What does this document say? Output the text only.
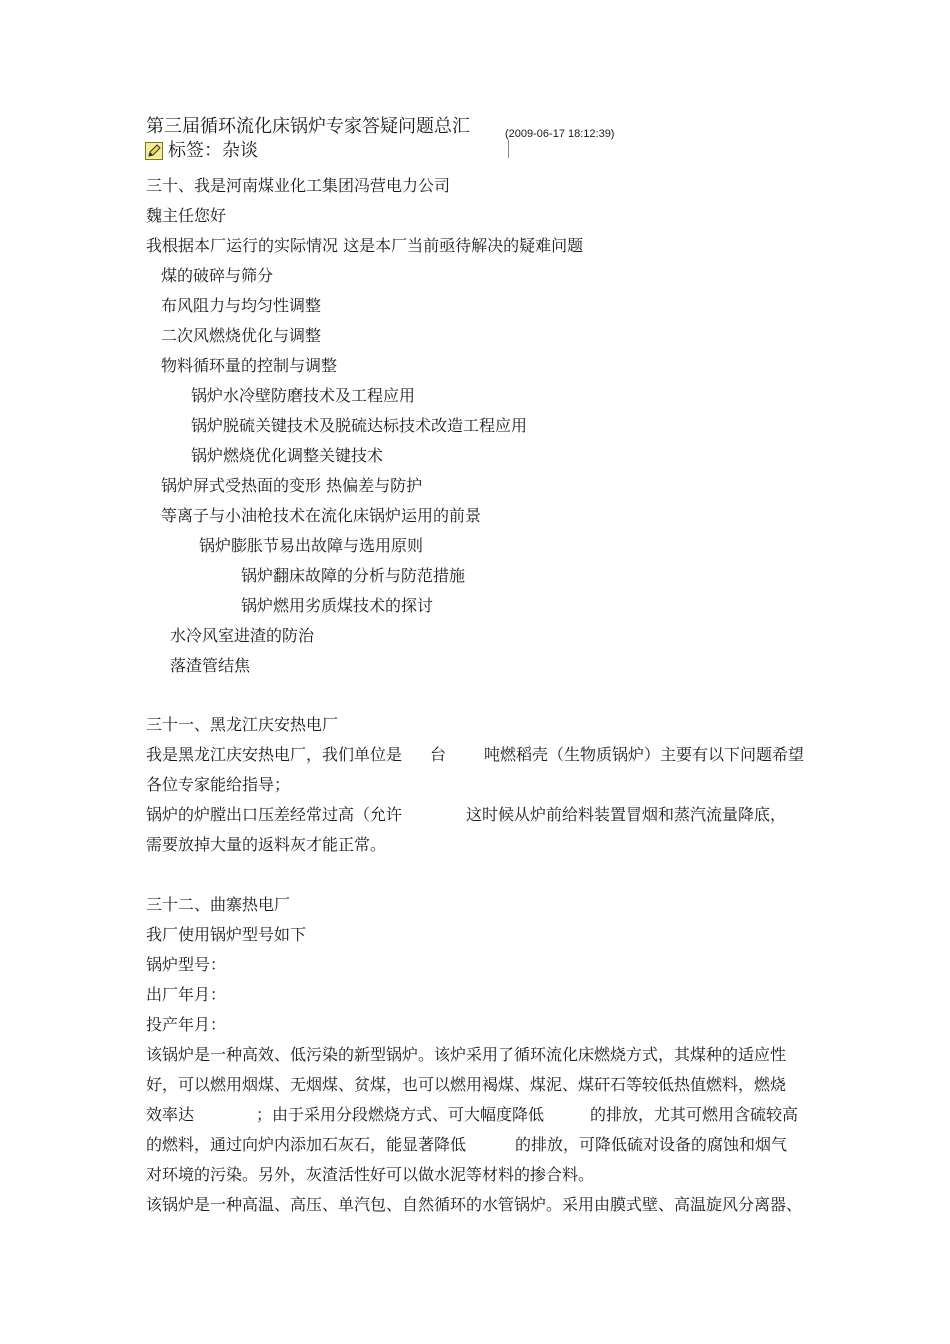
第三届循环流化床锅炉专家答疑问题总汇	(2009-06-17 18:12:39)
标签：杂谈
三十、我是河南煤业化工集团冯营电力公司
魏主任您好
我根据本厂运行的实际情况 这是本厂当前亟待解决的疑难问题
煤的破碎与筛分
布风阻力与均匀性调整
二次风燃烧优化与调整
物料循环量的控制与调整
锅炉水冷壁防磨技术及工程应用
锅炉脱硫关键技术及脱硫达标技术改造工程应用
锅炉燃烧优化调整关键技术
锅炉屏式受热面的变形 热偏差与防护
等离子与小油枪技术在流化床锅炉运用的前景
锅炉膨胀节易出故障与选用原则
锅炉翻床故障的分析与防范措施
锅炉燃用劣质煤技术的探讨
水冷风室进渣的防治
落渣管结焦
三十一、黑龙江庆安热电厂
我是黑龙江庆安热电厂，我们单位是 台 吨燃稻壳（生物质锅炉）主要有以下问题希望
各位专家能给指导；
锅炉的炉膛出口压差经常过高（允许	这时候从炉前给料装置冒烟和蒸汽流量降底，
需要放掉大量的返料灰才能正常。
三十二、曲寨热电厂
我厂使用锅炉型号如下
锅炉型号：
出厂年月：
投产年月：
该锅炉是一种高效、低污染的新型锅炉。该炉采用了循环流化床燃烧方式，其煤种的适应性
好，可以燃用烟煤、无烟煤、贫煤，也可以燃用褐煤、煤泥、煤矸石等较低热值燃料，燃烧
效率达	；由于采用分段燃烧方式、可大幅度降低	的排放，尤其可燃用含硫较高
的燃料，通过向炉内添加石灰石，能显著降低	的排放，可降低硫对设备的腐蚀和烟气
对环境的污染。另外，灰渣活性好可以做水泥等材料的掺合料。
该锅炉是一种高温、高压、单汽包、自然循环的水管锅炉。采用由膜式壁、高温旋风分离器、
